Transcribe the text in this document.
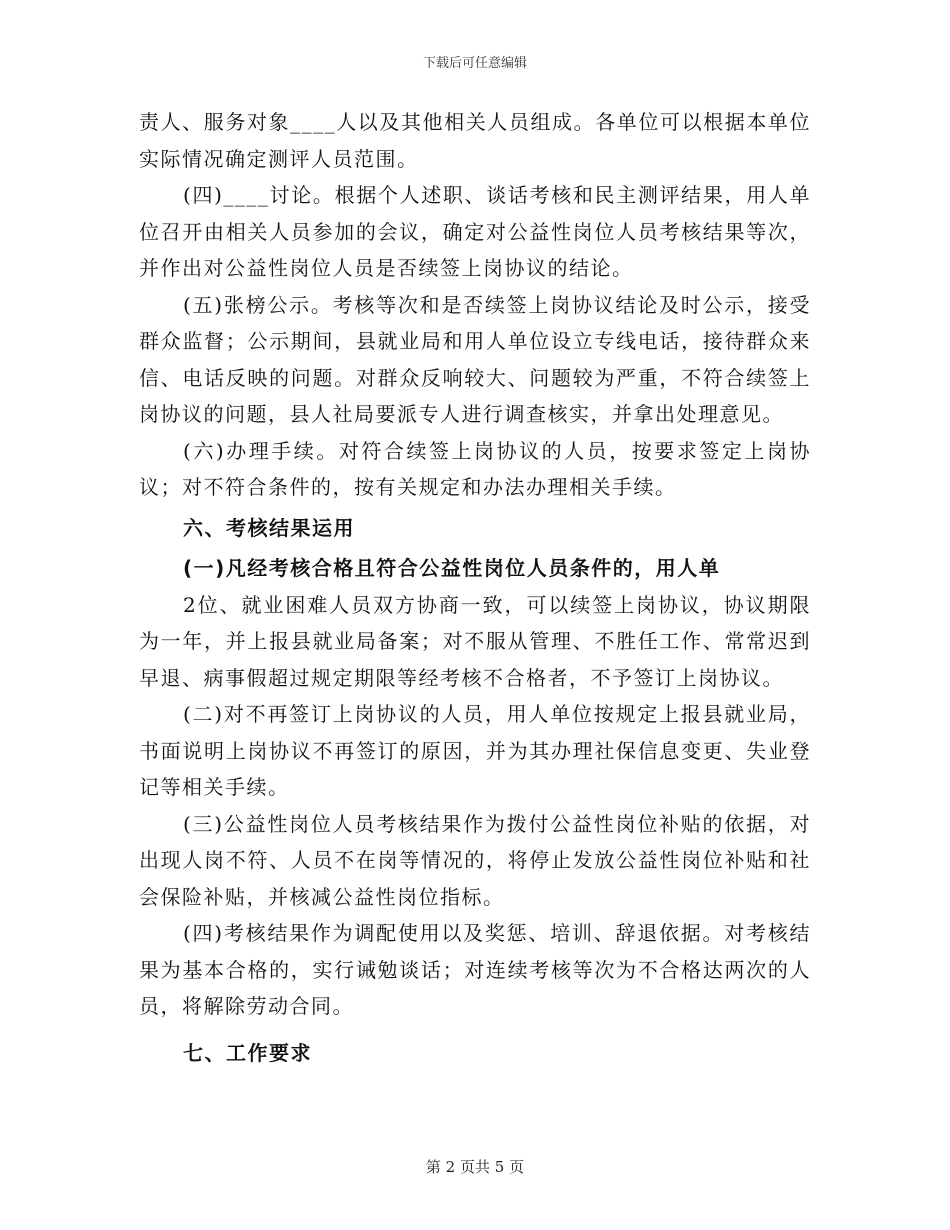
下载后可任意编辑

责人、服务对象____人以及其他相关人员组成。各单位可以根据本单位实际情况确定测评人员范围。

(四)____讨论。根据个人述职、谈话考核和民主测评结果，用人单位召开由相关人员参加的会议，确定对公益性岗位人员考核结果等次，并作出对公益性岗位人员是否续签上岗协议的结论。

(五)张榜公示。考核等次和是否续签上岗协议结论及时公示，接受群众监督；公示期间，县就业局和用人单位设立专线电话，接待群众来信、电话反映的问题。对群众反响较大、问题较为严重，不符合续签上岗协议的问题，县人社局要派专人进行调查核实，并拿出处理意见。

(六)办理手续。对符合续签上岗协议的人员，按要求签定上岗协议；对不符合条件的，按有关规定和办法办理相关手续。

六、考核结果运用

(一)凡经考核合格且符合公益性岗位人员条件的，用人单

2位、就业困难人员双方协商一致，可以续签上岗协议，协议期限为一年，并上报县就业局备案；对不服从管理、不胜任工作、常常迟到早退、病事假超过规定期限等经考核不合格者，不予签订上岗协议。

(二)对不再签订上岗协议的人员，用人单位按规定上报县就业局，书面说明上岗协议不再签订的原因，并为其办理社保信息变更、失业登记等相关手续。

(三)公益性岗位人员考核结果作为拨付公益性岗位补贴的依据，对出现人岗不符、人员不在岗等情况的，将停止发放公益性岗位补贴和社会保险补贴，并核减公益性岗位指标。

(四)考核结果作为调配使用以及奖惩、培训、辞退依据。对考核结果为基本合格的，实行诫勉谈话；对连续考核等次为不合格达两次的人员，将解除劳动合同。

七、工作要求

第 2 页共 5 页
